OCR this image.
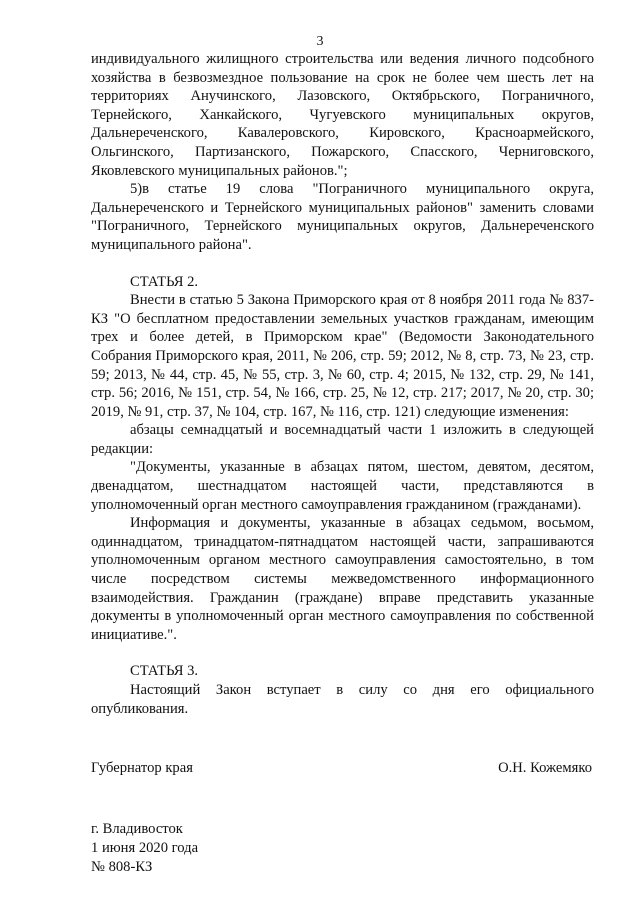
3

индивидуального жилищного строительства или ведения личного подсобного хозяйства в безвозмездное пользование на срок не более чем шесть лет на территориях Анучинского, Лазовского, Октябрьского, Пограничного, Тернейского, Ханкайского, Чугуевского муниципальных округов, Дальнереченского, Кавалеровского, Кировского, Красноармейского, Ольгинского, Партизанского, Пожарского, Спасского, Черниговского, Яковлевского муниципальных районов.";

5)в статье 19 слова "Пограничного муниципального округа, Дальнереченского и Тернейского муниципальных районов" заменить словами "Пограничного, Тернейского муниципальных округов, Дальнереченского муниципального района".

СТАТЬЯ 2.

Внести в статью 5 Закона Приморского края от 8 ноября 2011 года № 837-КЗ "О бесплатном предоставлении земельных участков гражданам, имеющим трех и более детей, в Приморском крае" (Ведомости Законодательного Собрания Приморского края, 2011, № 206, стр. 59; 2012, № 8, стр. 73, № 23, стр. 59; 2013, № 44, стр. 45, № 55, стр. 3, № 60, стр. 4; 2015, № 132, стр. 29, № 141, стр. 56; 2016, № 151, стр. 54, № 166, стр. 25, № 12, стр. 217; 2017, № 20, стр. 30; 2019, № 91, стр. 37, № 104, стр. 167, № 116, стр. 121) следующие изменения:

абзацы семнадцатый и восемнадцатый части 1 изложить в следующей редакции:

"Документы, указанные в абзацах пятом, шестом, девятом, десятом, двенадцатом, шестнадцатом настоящей части, представляются в уполномоченный орган местного самоуправления гражданином (гражданами).

Информация и документы, указанные в абзацах седьмом, восьмом, одиннадцатом, тринадцатом-пятнадцатом настоящей части, запрашиваются уполномоченным органом местного самоуправления самостоятельно, в том числе посредством системы межведомственного информационного взаимодействия. Гражданин (граждане) вправе представить указанные документы в уполномоченный орган местного самоуправления по собственной инициативе.".

СТАТЬЯ 3.

Настоящий Закон вступает в силу со дня его официального опубликования.

Губернатор края	О.Н. Кожемяко
г. Владивосток
1 июня 2020 года
№ 808-КЗ
